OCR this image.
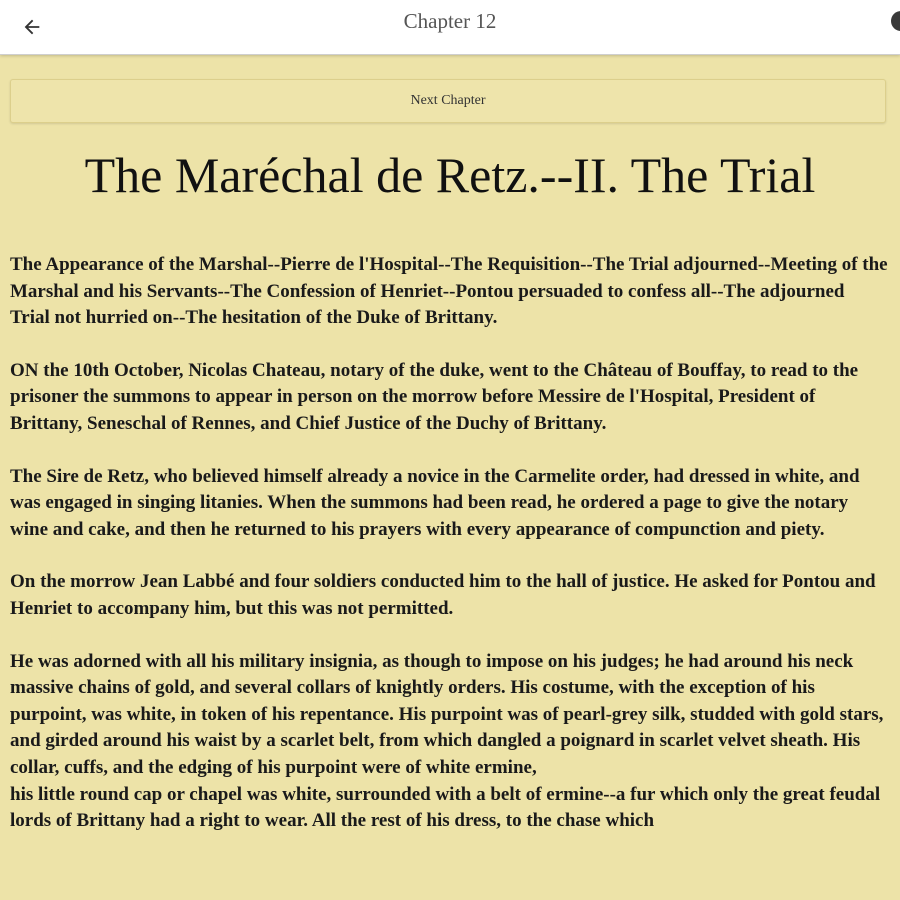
Chapter 12
Next Chapter
The Maréchal de Retz.--II. The Trial

The Appearance of the Marshal--Pierre de l'Hospital--The Requisition--The Trial adjourned--Meeting of the Marshal and his Servants--The Confession of Henriet--Pontou persuaded to confess all--The adjourned Trial not hurried on--The hesitation of the Duke of Brittany.

ON the 10th October, Nicolas Chateau, notary of the duke, went to the Château of Bouffay, to read to the prisoner the summons to appear in person on the morrow before Messire de l'Hospital, President of Brittany, Seneschal of Rennes, and Chief Justice of the Duchy of Brittany.

The Sire de Retz, who believed himself already a novice in the Carmelite order, had dressed in white, and was engaged in singing litanies. When the summons had been read, he ordered a page to give the notary wine and cake, and then he returned to his prayers with every appearance of compunction and piety.

On the morrow Jean Labbé and four soldiers conducted him to the hall of justice. He asked for Pontou and Henriet to accompany him, but this was not permitted.

He was adorned with all his military insignia, as though to impose on his judges; he had around his neck massive chains of gold, and several collars of knightly orders. His costume, with the exception of his purpoint, was white, in token of his repentance. His purpoint was of pearl-grey silk, studded with gold stars, and girded around his waist by a scarlet belt, from which dangled a poignard in scarlet velvet sheath. His collar, cuffs, and the edging of his purpoint were of white ermine,

his little round cap or chapel was white, surrounded with a belt of ermine--a fur which only the great feudal lords of Brittany had a right to wear. All the rest of his dress, to the chase which
